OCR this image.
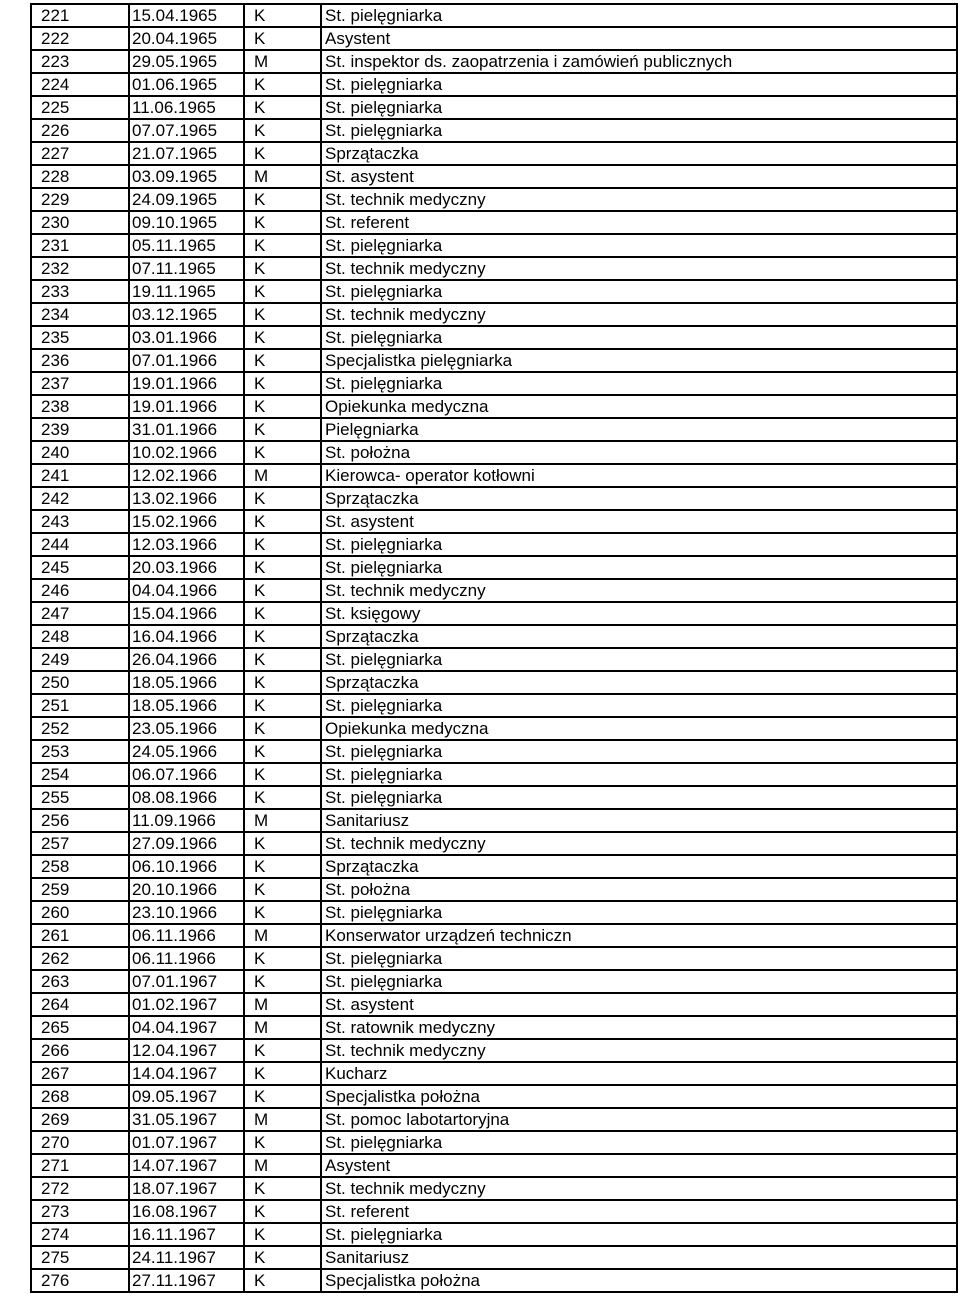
221	15.04.1965	K	St. pielęgniarka
222	20.04.1965	K	Asystent
223	29.05.1965	M	St. inspektor ds. zaopatrzenia i zamówień publicznych
224	01.06.1965	K	St. pielęgniarka
225	11.06.1965	K	St. pielęgniarka
226	07.07.1965	K	St. pielęgniarka
227	21.07.1965	K	Sprzątaczka
228	03.09.1965	M	St. asystent
229	24.09.1965	K	St. technik medyczny
230	09.10.1965	K	St. referent
231	05.11.1965	K	St. pielęgniarka
232	07.11.1965	K	St. technik medyczny
233	19.11.1965	K	St. pielęgniarka
234	03.12.1965	K	St. technik medyczny
235	03.01.1966	K	St. pielęgniarka
236	07.01.1966	K	Specjalistka pielęgniarka
237	19.01.1966	K	St. pielęgniarka
238	19.01.1966	K	Opiekunka medyczna
239	31.01.1966	K	Pielęgniarka
240	10.02.1966	K	St. położna
241	12.02.1966	M	Kierowca- operator kotłowni
242	13.02.1966	K	Sprzątaczka
243	15.02.1966	K	St. asystent
244	12.03.1966	K	St. pielęgniarka
245	20.03.1966	K	St. pielęgniarka
246	04.04.1966	K	St. technik medyczny
247	15.04.1966	K	St. księgowy
248	16.04.1966	K	Sprzątaczka
249	26.04.1966	K	St. pielęgniarka
250	18.05.1966	K	Sprzątaczka
251	18.05.1966	K	St. pielęgniarka
252	23.05.1966	K	Opiekunka medyczna
253	24.05.1966	K	St. pielęgniarka
254	06.07.1966	K	St. pielęgniarka
255	08.08.1966	K	St. pielęgniarka
256	11.09.1966	M	Sanitariusz
257	27.09.1966	K	St. technik medyczny
258	06.10.1966	K	Sprzątaczka
259	20.10.1966	K	St. położna
260	23.10.1966	K	St. pielęgniarka
261	06.11.1966	M	Konserwator urządzeń techniczn
262	06.11.1966	K	St. pielęgniarka
263	07.01.1967	K	St. pielęgniarka
264	01.02.1967	M	St. asystent
265	04.04.1967	M	St. ratownik medyczny
266	12.04.1967	K	St. technik medyczny
267	14.04.1967	K	Kucharz
268	09.05.1967	K	Specjalistka położna
269	31.05.1967	M	St. pomoc labotartoryjna
270	01.07.1967	K	St. pielęgniarka
271	14.07.1967	M	Asystent
272	18.07.1967	K	St. technik medyczny
273	16.08.1967	K	St. referent
274	16.11.1967	K	St. pielęgniarka
275	24.11.1967	K	Sanitariusz
276	27.11.1967	K	Specjalistka położna
